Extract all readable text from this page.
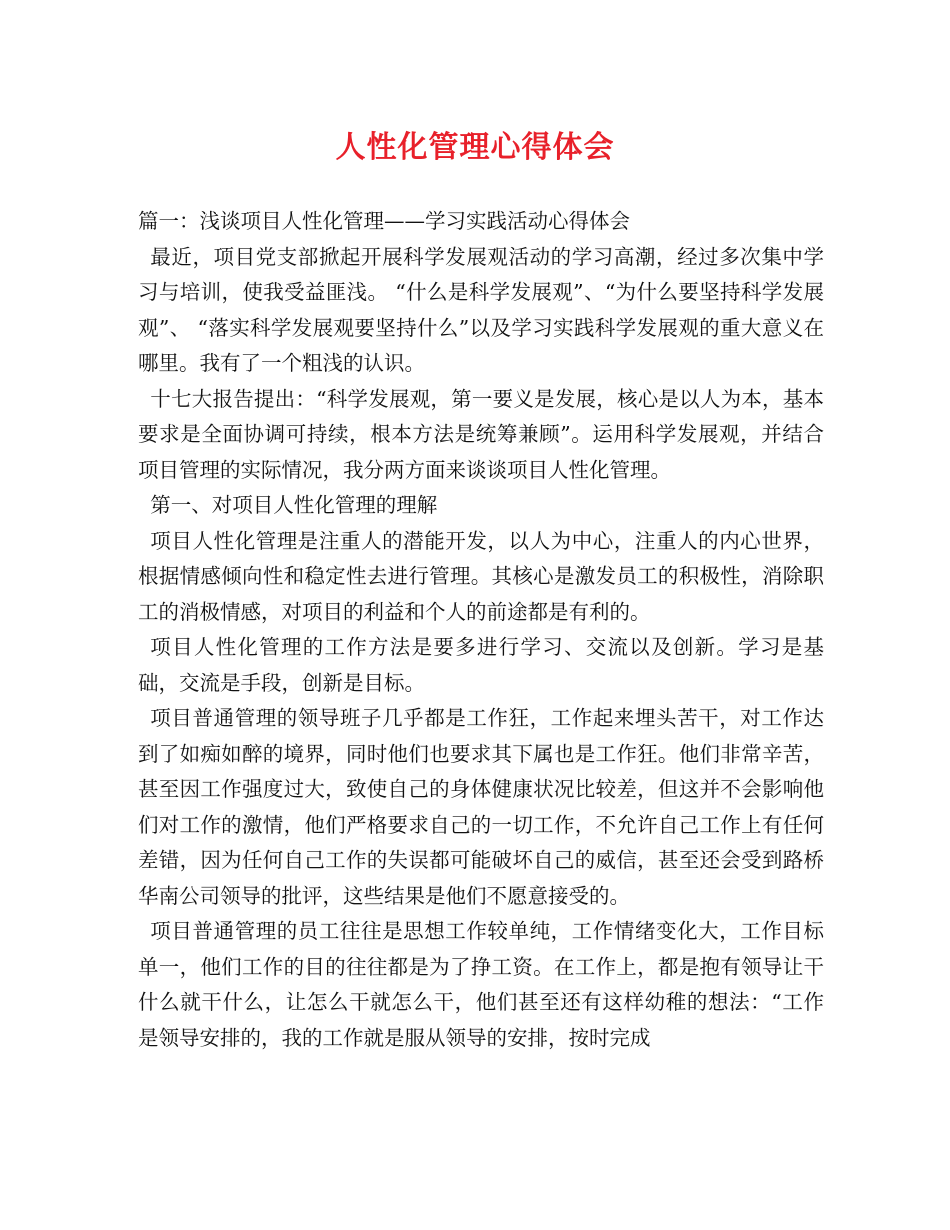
人性化管理心得体会

篇一：浅谈项目人性化管理——学习实践活动心得体会

最近，项目党支部掀起开展科学发展观活动的学习高潮，经过多次集中学习与培训，使我受益匪浅。 “什么是科学发展观”、“为什么要坚持科学发展观”、 “落实科学发展观要坚持什么”以及学习实践科学发展观的重大意义在哪里。我有了一个粗浅的认识。

十七大报告提出：“科学发展观，第一要义是发展，核心是以人为本，基本要求是全面协调可持续，根本方法是统筹兼顾”。运用科学发展观，并结合项目管理的实际情况，我分两方面来谈谈项目人性化管理。

第一、对项目人性化管理的理解

项目人性化管理是注重人的潜能开发，以人为中心，注重人的内心世界，根据情感倾向性和稳定性去进行管理。其核心是激发员工的积极性，消除职工的消极情感，对项目的利益和个人的前途都是有利的。

项目人性化管理的工作方法是要多进行学习、交流以及创新。学习是基础，交流是手段，创新是目标。

项目普通管理的领导班子几乎都是工作狂，工作起来埋头苦干，对工作达到了如痴如醉的境界，同时他们也要求其下属也是工作狂。他们非常辛苦，甚至因工作强度过大，致使自己的身体健康状况比较差，但这并不会影响他们对工作的激情，他们严格要求自己的一切工作，不允许自己工作上有任何差错，因为任何自己工作的失误都可能破坏自己的威信，甚至还会受到路桥华南公司领导的批评，这些结果是他们不愿意接受的。

项目普通管理的员工往往是思想工作较单纯，工作情绪变化大，工作目标单一，他们工作的目的往往都是为了挣工资。在工作上，都是抱有领导让干什么就干什么，让怎么干就怎么干，他们甚至还有这样幼稚的想法：“工作是领导安排的，我的工作就是服从领导的安排，按时完成
